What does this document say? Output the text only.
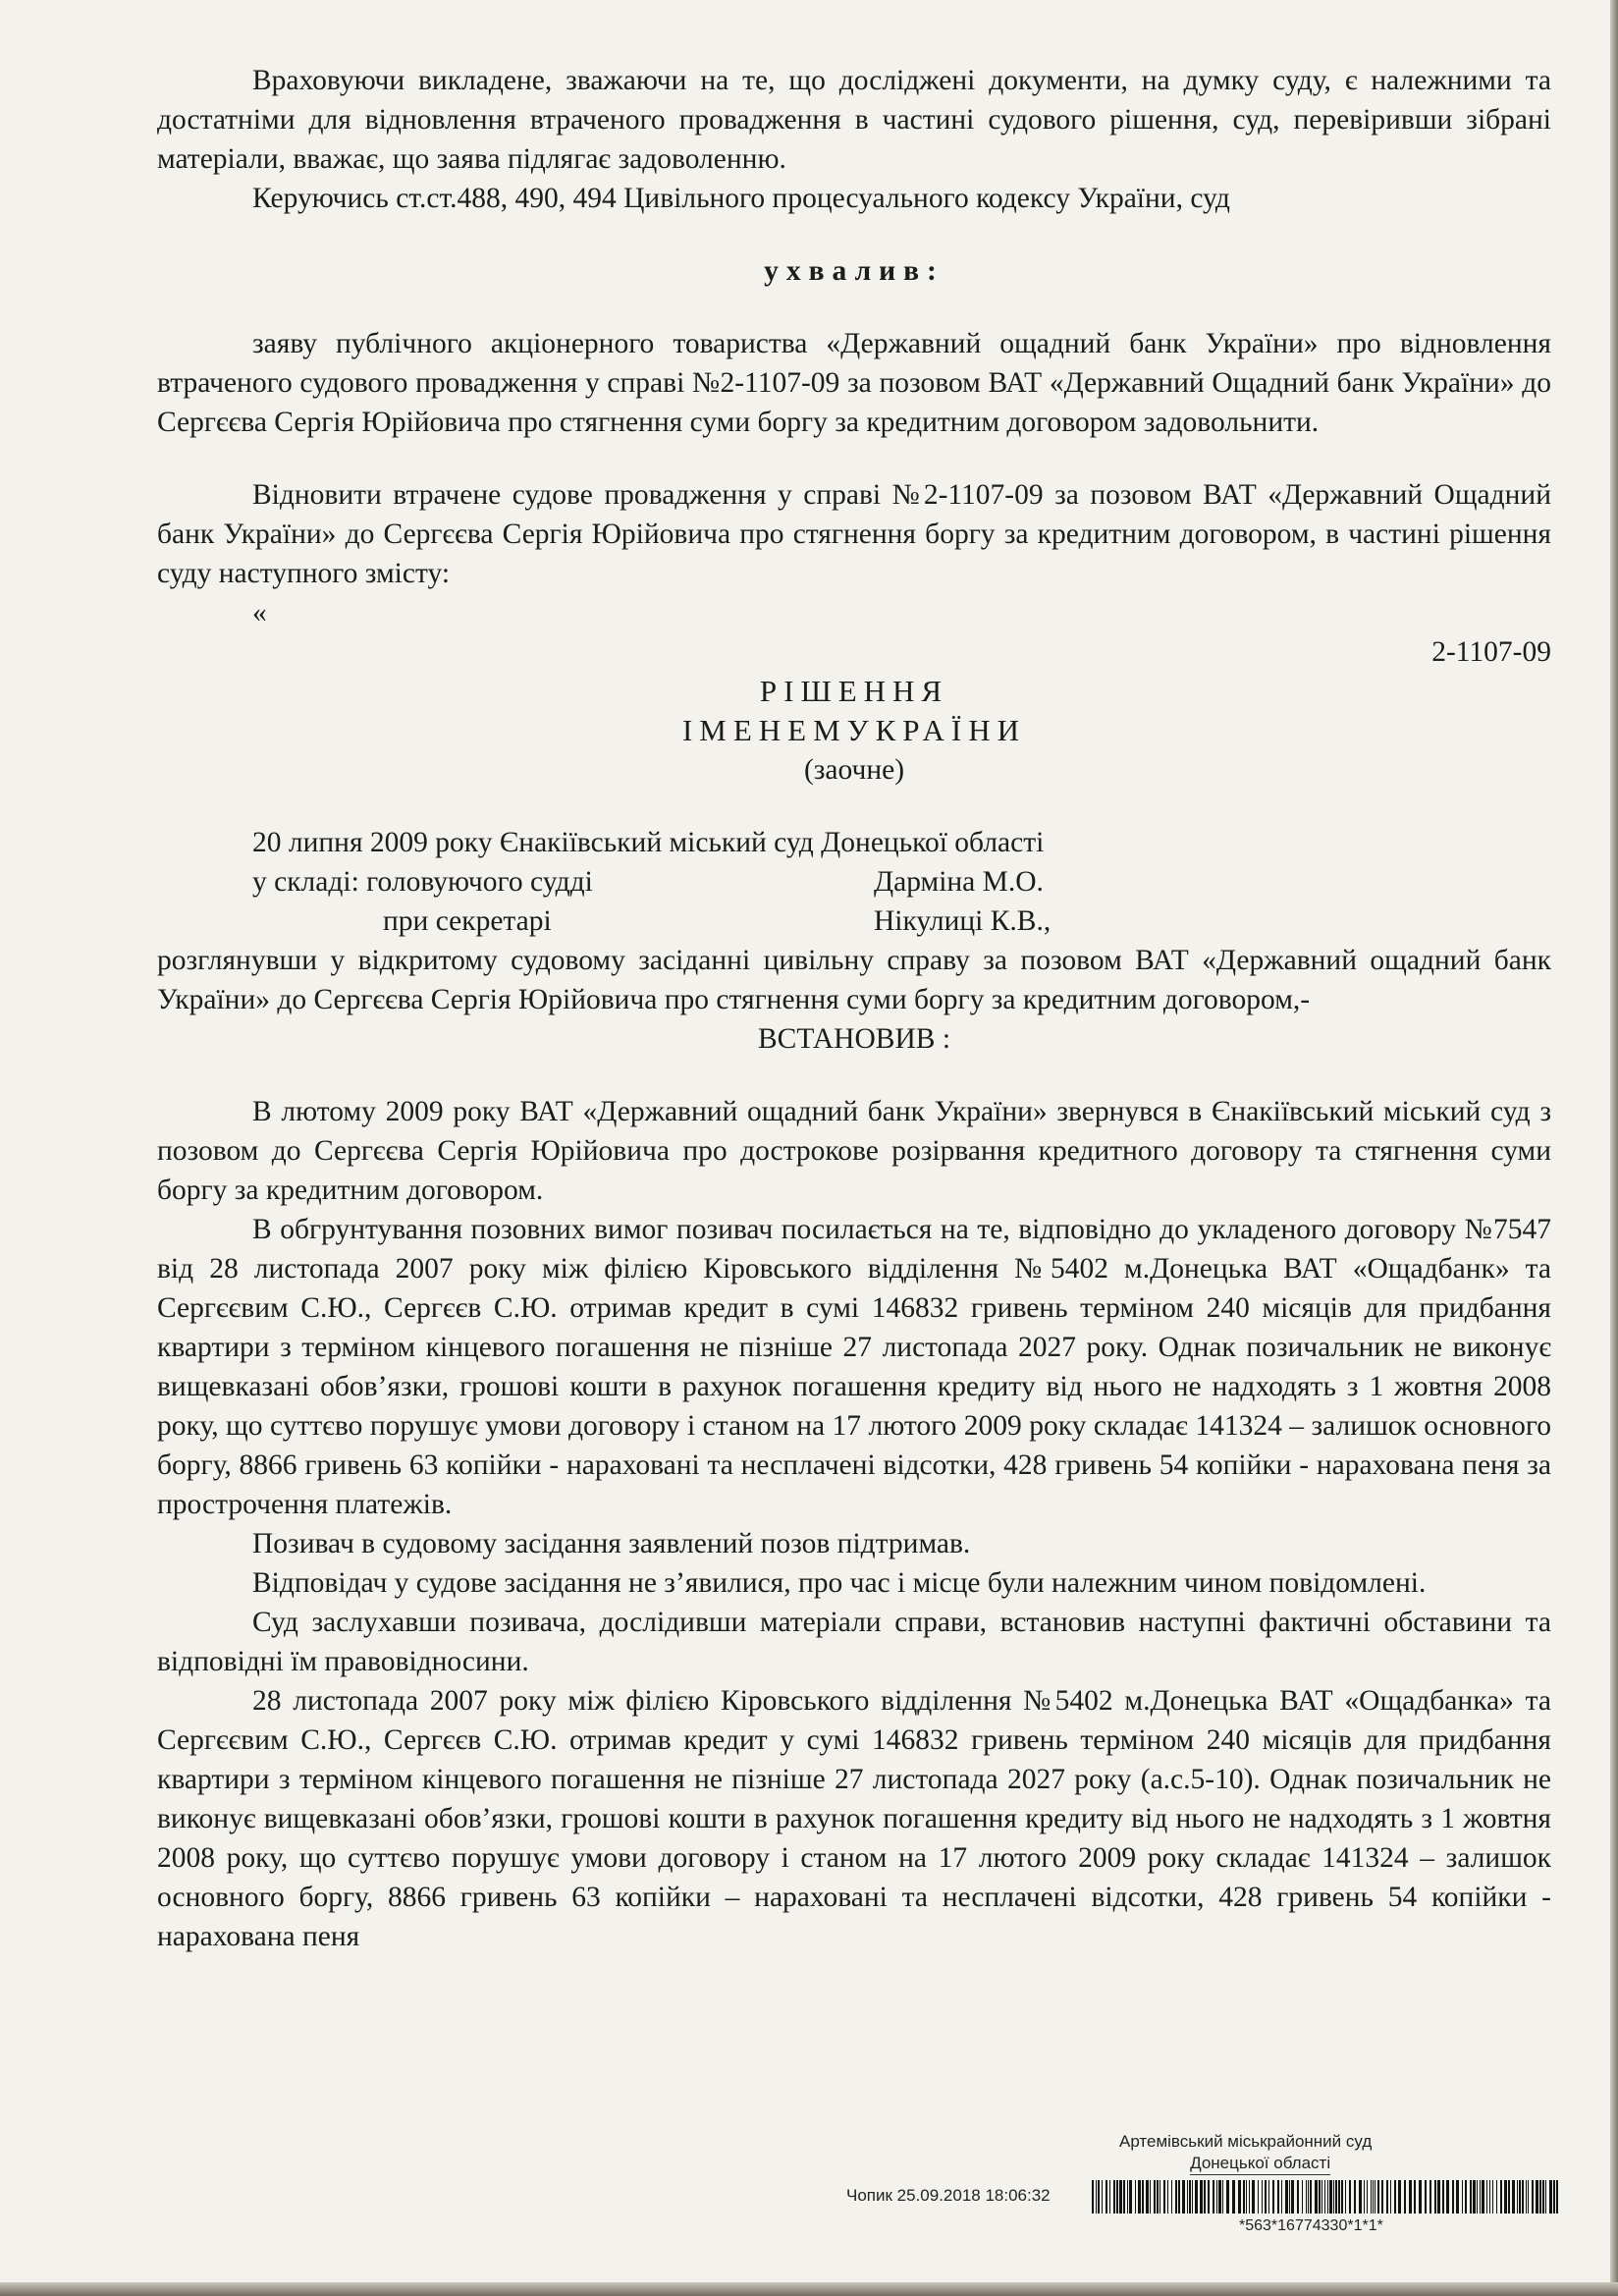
Враховуючи викладене, зважаючи на те, що досліджені документи, на думку суду, є належними та достатніми для відновлення втраченого провадження в частині судового рішення, суд, перевіривши зібрані матеріали, вважає, що заява підлягає задоволенню.

Керуючись ст.ст.488, 490, 494 Цивільного процесуального кодексу України, суд

ухвалив:

заяву публічного акціонерного товариства «Державний ощадний банк України» про відновлення втраченого судового провадження у справі №2-1107-09 за позовом ВАТ «Державний Ощадний банк України» до Сергєєва Сергія Юрійовича про стягнення суми боргу за кредитним договором задовольнити.

Відновити втрачене судове провадження у справі №2-1107-09 за позовом ВАТ «Державний Ощадний банк України» до Сергєєва Сергія Юрійовича про стягнення боргу за кредитним договором, в частині рішення суду наступного змісту:

«

2-1107-09

РІШЕННЯ

ІМЕНЕМУКРАЇНИ

(заочне)

20 липня 2009 року Єнакіївський міський суд Донецької області

у складі: головуючого судді	Дарміна М.О.
при секретарі	Нікулиці К.В.,

розглянувши у відкритому судовому засіданні цивільну справу за позовом ВАТ «Державний ощадний банк України» до Сергєєва Сергія Юрійовича про стягнення суми боргу за кредитним договором,-

ВСТАНОВИВ :

В лютому 2009 року ВАТ «Державний ощадний банк України» звернувся в Єнакіївський міський суд з позовом до Сергєєва Сергія Юрійовича про дострокове розірвання кредитного договору та стягнення суми боргу за кредитним договором.

В обгрунтування позовних вимог позивач посилається на те, відповідно до укладеного договору №7547 від 28 листопада 2007 року між філією Кіровського відділення №5402 м.Донецька ВАТ «Ощадбанк» та Сергєєвим С.Ю., Сергєєв С.Ю. отримав кредит в сумі 146832 гривень терміном 240 місяців для придбання квартири з терміном кінцевого погашення не пізніше 27 листопада 2027 року. Однак позичальник не виконує вищевказані обов’язки, грошові кошти в рахунок погашення кредиту від нього не надходять з 1 жовтня 2008 року, що суттєво порушує умови договору і станом на 17 лютого 2009 року складає 141324 – залишок основного боргу, 8866 гривень 63 копійки - нараховані та несплачені відсотки, 428 гривень 54 копійки - нарахована пеня за прострочення платежів.

Позивач в судовому засідання заявлений позов підтримав.

Відповідач у судове засідання не з’явилися, про час і місце були належним чином повідомлені.

Суд заслухавши позивача, дослідивши матеріали справи, встановив наступні фактичні обставини та відповідні їм правовідносини.

28 листопада 2007 року між філією Кіровського відділення №5402 м.Донецька ВАТ «Ощадбанка» та Сергєєвим С.Ю., Сергєєв С.Ю. отримав кредит у сумі 146832 гривень терміном 240 місяців для придбання квартири з терміном кінцевого погашення не пізніше 27 листопада 2027 року (а.с.5-10). Однак позичальник не виконує вищевказані обов’язки, грошові кошти в рахунок погашення кредиту від нього не надходять з 1 жовтня 2008 року, що суттєво порушує умови договору і станом на 17 лютого 2009 року складає 141324 – залишок основного боргу, 8866 гривень 63 копійки – нараховані та несплачені відсотки, 428 гривень 54 копійки - нарахована пеня

Артемівський міськрайонний суд
Донецької області
Чопик 25.09.2018 18:06:32
*563*16774330*1*1*
